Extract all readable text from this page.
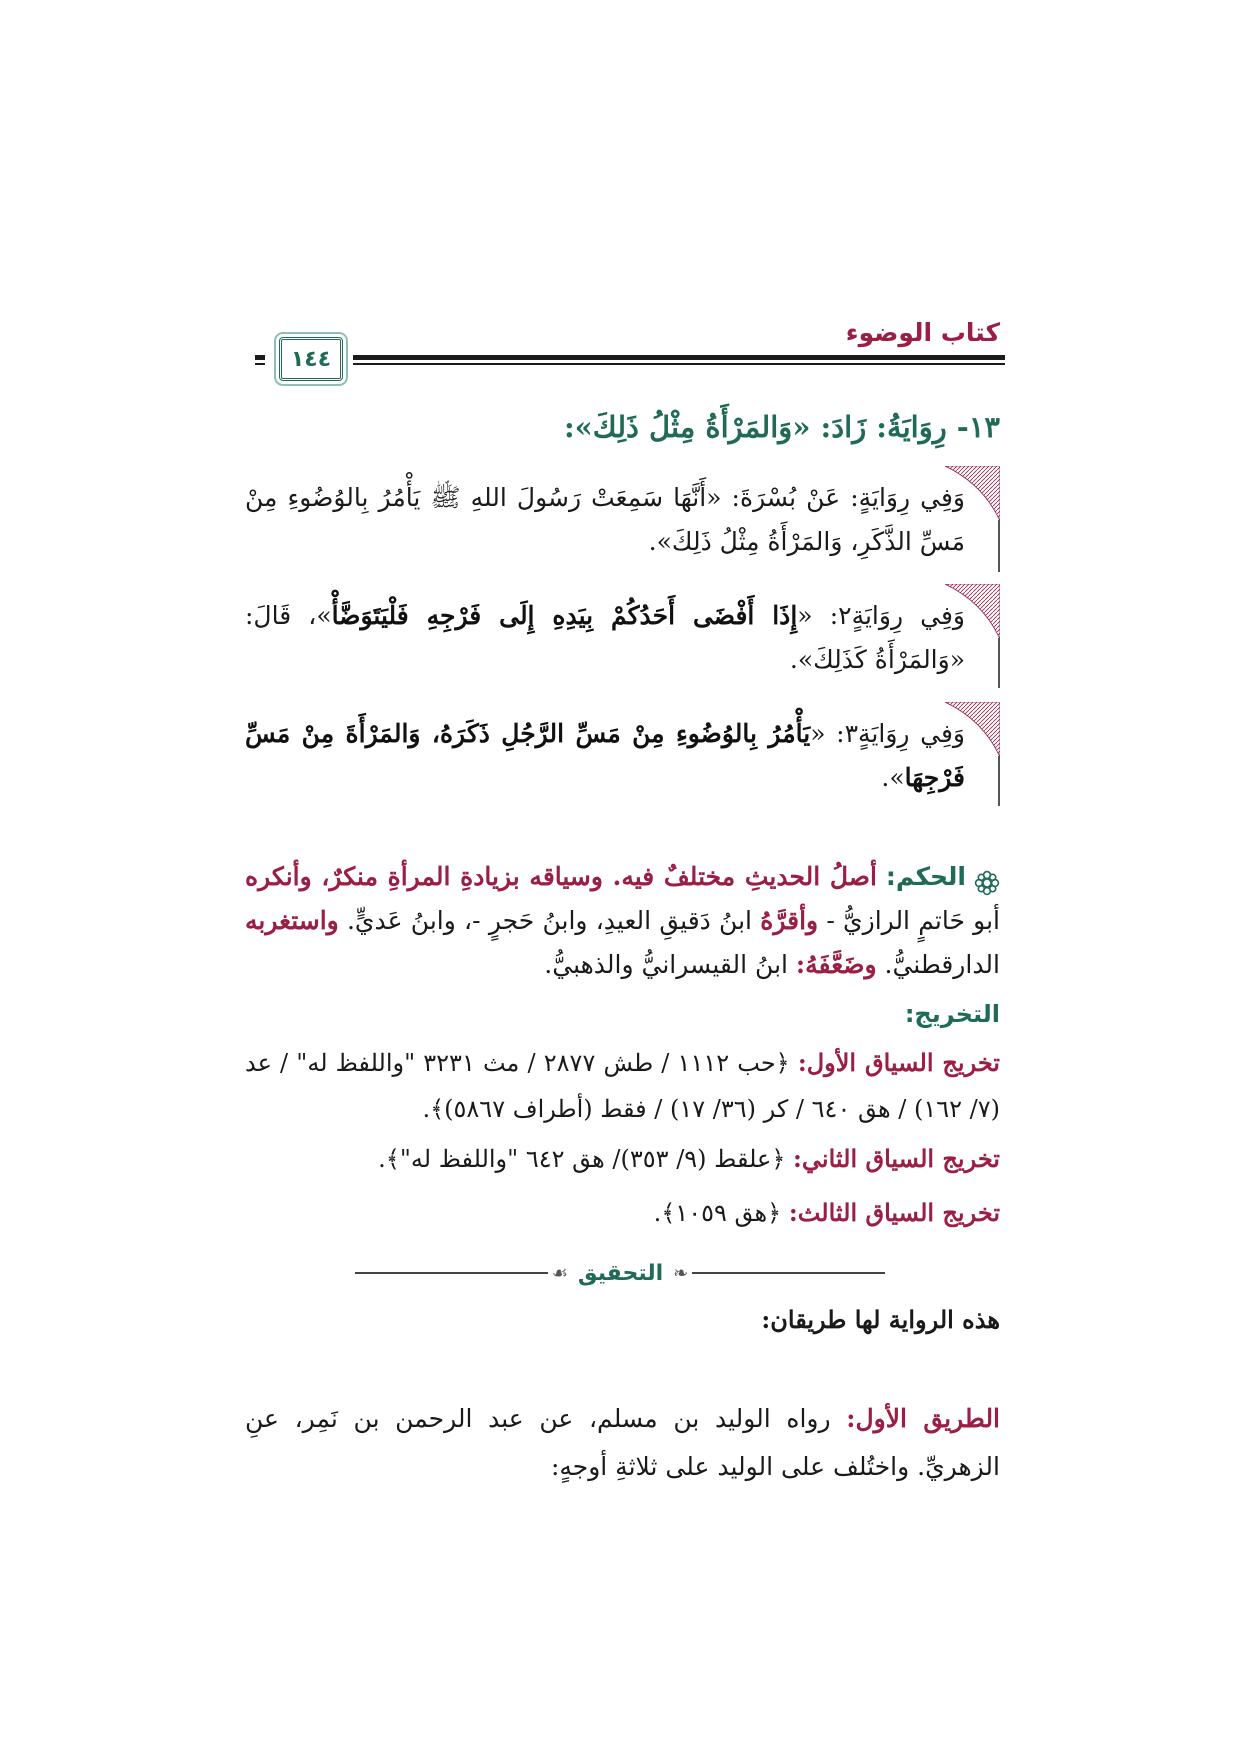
كتاب الوضوء
١٤٤
١٣- رِوَايَةُ: زَادَ: «وَالمَرْأَةُ مِثْلُ ذَلِكَ»:
وَفِي رِوَايَةٍ: عَنْ بُسْرَةَ: «أَنَّهَا سَمِعَتْ رَسُولَ اللهِ ﷺ يَأْمُرُ بِالوُضُوءِ مِنْ مَسِّ الذَّكَرِ، وَالمَرْأَةُ مِثْلُ ذَلِكَ».
وَفِي رِوَايَةٍ٢: «إِذَا أَفْضَى أَحَدُكُمْ بِيَدِهِ إِلَى فَرْجِهِ فَلْيَتَوَضَّأْ»، قَالَ: «وَالمَرْأَةُ كَذَلِكَ».
وَفِي رِوَايَةٍ٣: «يَأْمُرُ بِالوُضُوءِ مِنْ مَسِّ الرَّجُلِ ذَكَرَهُ، وَالمَرْأَةَ مِنْ مَسِّ فَرْجِهَا».
الحكم: أصلُ الحديثِ مختلفٌ فيه. وسياقه بزيادةِ المرأةِ منكرٌ، وأنكره أبو حَاتمٍ الرازيُّ - وأقرَّهُ ابنُ دَقيقِ العيدِ، وابنُ حَجرٍ -، وابنُ عَديٍّ. واستغربه الدارقطنيُّ. وضَعَّفَهُ: ابنُ القيسرانيُّ والذهبيُّ.
التخريج:
تخريج السياق الأول: ﴿حب ١١١٢ / طش ٢٨٧٧ / مث ٣٢٣١ "واللفظ له" / عد (٧/ ١٦٢) / هق ٦٤٠ / كر (٣٦/ ١٧) / فقط (أطراف ٥٨٦٧)﴾.
تخريج السياق الثاني: ﴿علقط (٩/ ٣٥٣)/ هق ٦٤٢ "واللفظ له"﴾.
تخريج السياق الثالث: ﴿هق ١٠٥٩﴾.
❧
التحقيق
☙
هذه الرواية لها طريقان:
الطريق الأول: رواه الوليد بن مسلم، عن عبد الرحمن بن نَمِر، عنِ الزهريِّ. واختُلف على الوليد على ثلاثةِ أوجهٍ:
